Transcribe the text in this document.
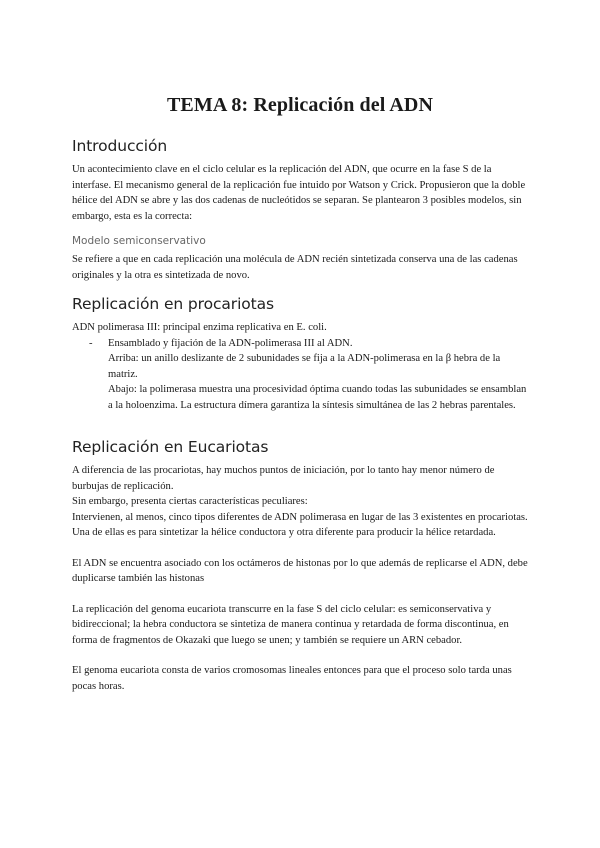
TEMA 8: Replicación del ADN
Introducción

Un acontecimiento clave en el ciclo celular es la replicación del ADN, que ocurre en la fase S de la interfase. El mecanismo general de la replicación fue intuido por Watson y Crick. Propusieron que la doble hélice del ADN se abre y las dos cadenas de nucleótidos se separan. Se plantearon 3 posibles modelos, sin embargo, esta es la correcta:

Modelo semiconservativo

Se refiere a que en cada replicación una molécula de ADN recién sintetizada conserva una de las cadenas originales y la otra es sintetizada de novo.

Replicación en procariotas

ADN polimerasa III: principal enzima replicativa en E. coli.

-	Ensamblado y fijación de la ADN-polimerasa III al ADN.

Arriba: un anillo deslizante de 2 subunidades se fija a la ADN-polimerasa en la β hebra de la matriz.

Abajo: la polimerasa muestra una procesividad óptima cuando todas las subunidades se ensamblan a la holoenzima. La estructura dímera garantiza la síntesis simultánea de las 2 hebras parentales.

Replicación en Eucariotas

A diferencia de las procariotas, hay muchos puntos de iniciación, por lo tanto hay menor número de burbujas de replicación.

Sin embargo, presenta ciertas características peculiares:

Intervienen, al menos, cinco tipos diferentes de ADN polimerasa en lugar de las 3 existentes en procariotas. Una de ellas es para sintetizar la hélice conductora y otra diferente para producir la hélice retardada.

El ADN se encuentra asociado con los octámeros de histonas por lo que además de replicarse el ADN, debe duplicarse también las histonas

La replicación del genoma eucariota transcurre en la fase S del ciclo celular: es semiconservativa y bidireccional; la hebra conductora se sintetiza de manera continua y retardada de forma discontinua, en forma de fragmentos de Okazaki que luego se unen; y también se requiere un ARN cebador.

El genoma eucariota consta de varios cromosomas lineales entonces para que el proceso solo tarda unas pocas horas.
